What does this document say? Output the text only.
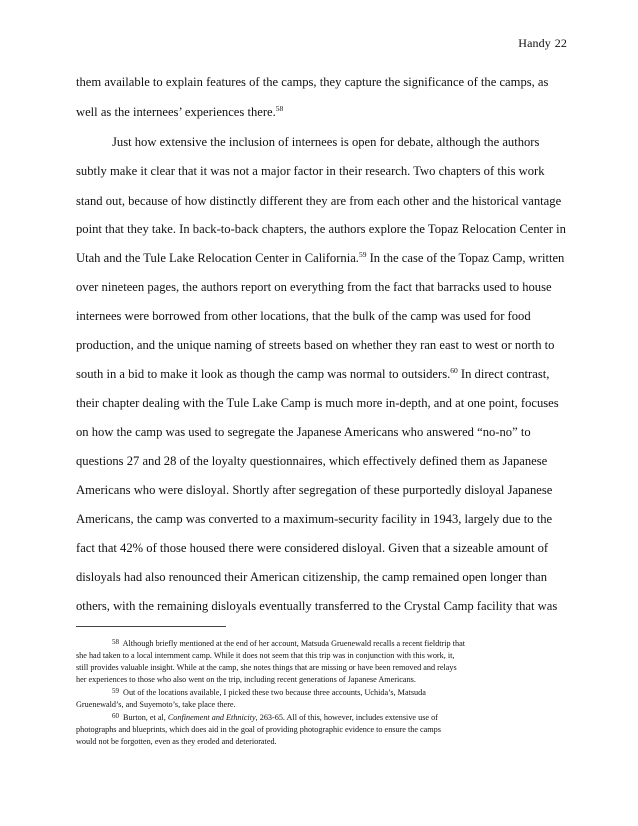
Handy 22
them available to explain features of the camps, they capture the significance of the camps, as
well as the internees’ experiences there.$^{58}$
Just how extensive the inclusion of internees is open for debate, although the authors
subtly make it clear that it was not a major factor in their research. Two chapters of this work
stand out, because of how distinctly different they are from each other and the historical vantage
point that they take. In back-to-back chapters, the authors explore the Topaz Relocation Center in
Utah and the Tule Lake Relocation Center in California.$^{59}$ In the case of the Topaz Camp, written
over nineteen pages, the authors report on everything from the fact that barracks used to house
internees were borrowed from other locations, that the bulk of the camp was used for food
production, and the unique naming of streets based on whether they ran east to west or north to
south in a bid to make it look as though the camp was normal to outsiders.$^{60}$ In direct contrast,
their chapter dealing with the Tule Lake Camp is much more in-depth, and at one point, focuses
on how the camp was used to segregate the Japanese Americans who answered “no-no” to
questions 27 and 28 of the loyalty questionnaires, which effectively defined them as Japanese
Americans who were disloyal. Shortly after segregation of these purportedly disloyal Japanese
Americans, the camp was converted to a maximum-security facility in 1943, largely due to the
fact that 42% of those housed there were considered disloyal. Given that a sizeable amount of
disloyals had also renounced their American citizenship, the camp remained open longer than
others, with the remaining disloyals eventually transferred to the Crystal Camp facility that was
$^{58}$ Although briefly mentioned at the end of her account, Matsuda Gruenewald recalls a recent fieldtrip that
she had taken to a local internment camp. While it does not seem that this trip was in conjunction with this work, it,
still provides valuable insight. While at the camp, she notes things that are missing or have been removed and relays
her experiences to those who also went on the trip, including recent generations of Japanese Americans.
$^{59}$ Out of the locations available, I picked these two because three accounts, Uchida’s, Matsuda
Gruenewald’s, and Suyemoto’s, take place there.
$^{60}$ Burton, et al, Confinement and Ethnicity, 263-65. All of this, however, includes extensive use of
photographs and blueprints, which does aid in the goal of providing photographic evidence to ensure the camps
would not be forgotten, even as they eroded and deteriorated.
